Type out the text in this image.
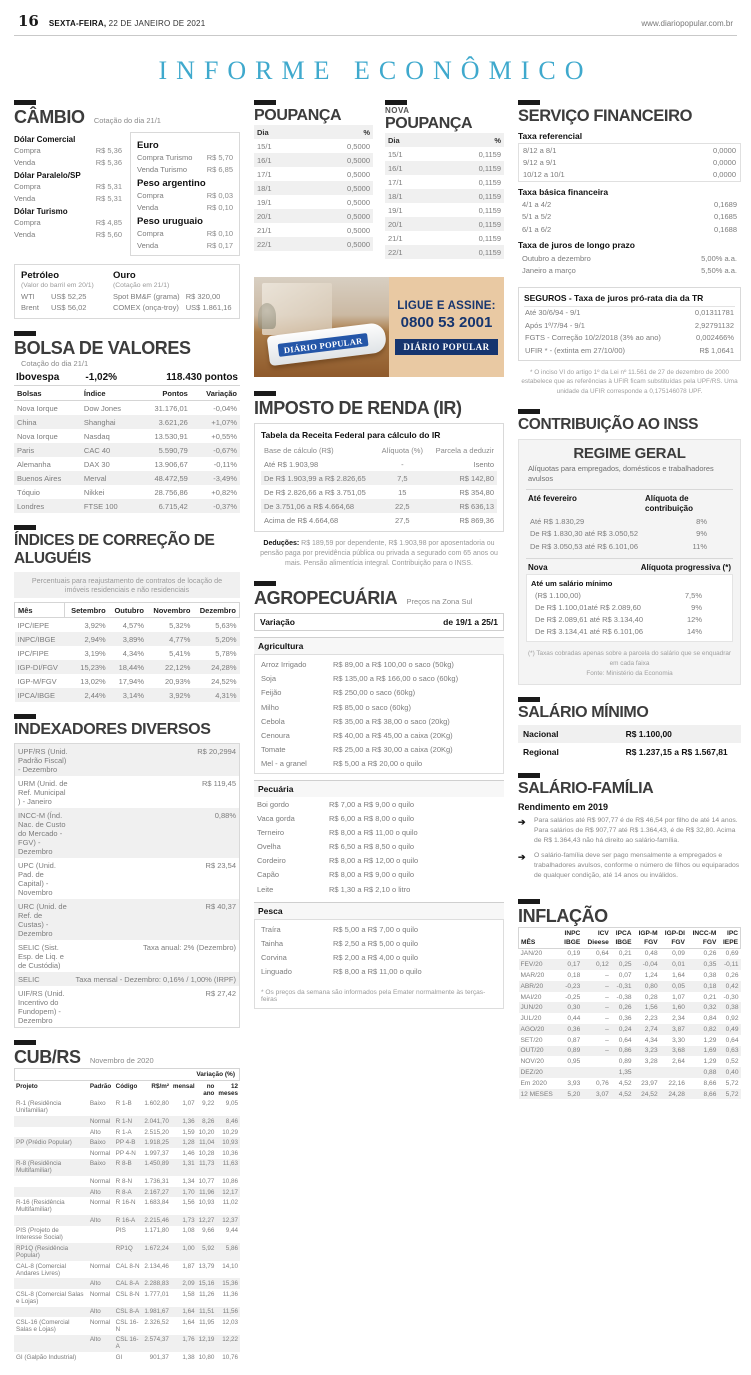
16 SEXTA-FEIRA, 22 DE JANEIRO DE 2021	www.diariopopular.com.br
INFORME ECONÔMICO
CÂMBIO Cotação do dia 21/1
Dólar Comercial
Compra	R$ 5,36
Venda	R$ 5,36
Dólar Paralelo/SP
Compra	R$ 5,31
Venda	R$ 5,31
Dólar Turismo
Compra	R$ 4,85
Venda	R$ 5,60
Euro
Compra Turismo	R$ 5,70
Venda Turismo	R$ 6,85
Peso argentino
Compra	R$ 0,03
Venda	R$ 0,10
Peso uruguaio
Compra	R$ 0,10
Venda	R$ 0,17
Petróleo
(Valor do barril em 20/1)
WTI	US$ 52,25
Brent	US$ 56,02
Ouro
(Cotação em 21/1)
Spot BM&F (grama)	R$ 320,00
COMEX (onça-troy)	US$ 1.861,16
BOLSA DE VALORES Cotação do dia 21/1
Ibovespa	-1,02%	118.430 pontos
Bolsas	Índice	Pontos	Variação
Nova Iorque	Dow Jones	31.176,01	-0,04%
China	Shanghai	3.621,26	+1,07%
Nova Iorque	Nasdaq	13.530,91	+0,55%
Paris	CAC 40	5.590,79	-0,67%
Alemanha	DAX 30	13.906,67	-0,11%
Buenos Aires	Merval	48.472,59	-3,49%
Tóquio	Nikkei	28.756,86	+0,82%
Londres	FTSE 100	6.715,42	-0,37%
ÍNDICES DE CORREÇÃO DE ALUGUÉIS
Percentuais para reajustamento de contratos de locação de imóveis residenciais e não residenciais
Mês	Setembro	Outubro	Novembro	Dezembro
IPC/IEPE	3,92%	4,57%	5,32%	5,63%
INPC/IBGE	2,94%	3,89%	4,77%	5,20%
IPC/FIPE	3,19%	4,34%	5,41%	5,78%
IGP-DI/FGV	15,23%	18,44%	22,12%	24,28%
IGP-M/FGV	13,02%	17,94%	20,93%	24,52%
IPCA/IBGE	2,44%	3,14%	3,92%	4,31%
INDEXADORES DIVERSOS
UPF/RS (Unid. Padrão Fiscal) - Dezembro	R$ 20,2994
URM (Unid. de Ref. Municipal ) - Janeiro	R$ 119,45
INCC-M (Índ. Nac. de Custo do Mercado - FGV) - Dezembro	0,88%
UPC (Unid. Pad. de Capital) - Novembro	R$ 23,54
URC (Unid. de Ref. de Custas) - Dezembro	R$ 40,37
SELIC (Sist. Esp. de Liq. e de Custódia)	Taxa anual: 2% (Dezembro)
SELIC	Taxa mensal - Dezembro: 0,16% / 1,00% (IRPF)
UIF/RS (Unid. Incentivo do Fundopem) - Dezembro	R$ 27,42
CUB/RS Novembro de 2020
Variação (%)
Projeto	Padrão	Código	R$/m²	mensal	no ano	12 meses
R-1 (Residência Unifamiliar)	Baixo	R 1-B	1.602,80	1,07	9,22	9,05
	Normal	R 1-N	2.041,70	1,36	8,26	8,46
	Alto	R 1-A	2.515,20	1,59	10,20	10,29
PP (Prédio Popular)	Baixo	PP 4-B	1.918,25	1,28	11,04	10,93
	Normal	PP 4-N	1.997,37	1,46	10,28	10,36
R-8 (Residência Multifamiliar)	Baixo	R 8-B	1.450,89	1,31	11,73	11,63
	Normal	R 8-N	1.736,31	1,34	10,77	10,86
	Alto	R 8-A	2.167,27	1,70	11,96	12,17
R-16 (Residência Multifamiliar)	Normal	R 16-N	1.683,84	1,56	10,93	11,02
	Alto	R 16-A	2.215,46	1,73	12,27	12,37
PIS (Projeto de Interesse Social)		PIS	1.171,80	1,08	9,66	9,44
RP1Q (Residência Popular)		RP1Q	1.672,24	1,00	5,92	5,86
CAL-8 (Comercial Andares Livres)	Normal	CAL 8-N	2.134,46	1,87	13,79	14,10
	Alto	CAL 8-A	2.288,83	2,09	15,16	15,36
CSL-8 (Comercial Salas e Lojas)	Normal	CSL 8-N	1.777,01	1,58	11,26	11,36
	Alto	CSL 8-A	1.981,67	1,64	11,51	11,56
CSL-16 (Comercial Salas e Lojas)	Normal	CSL 16-N	2.326,52	1,64	11,95	12,03
	Alto	CSL 16-A	2.574,37	1,76	12,19	12,22
GI (Galpão Industrial)		GI	901,37	1,38	10,80	10,76
POUPANÇA
Dia	%
15/1	0,5000
16/1	0,5000
17/1	0,5000
18/1	0,5000
19/1	0,5000
20/1	0,5000
21/1	0,5000
22/1	0,5000
NOVA
POUPANÇA
Dia	%
15/1	0,1159
16/1	0,1159
17/1	0,1159
18/1	0,1159
19/1	0,1159
20/1	0,1159
21/1	0,1159
22/1	0,1159
DIÁRIO POPULAR
LIGUE E ASSINE:
0800 53 2001
DIÁRIO POPULAR
IMPOSTO DE RENDA (IR)
Tabela da Receita Federal para cálculo do IR
Base de cálculo (R$)	Alíquota (%)	Parcela a deduzir
Até R$ 1.903,98	-	Isento
De R$ 1.903,99 a R$ 2.826,65	7,5	R$ 142,80
De R$ 2.826,66 a R$ 3.751,05	15	R$ 354,80
De 3.751,06 a R$ 4.664,68	22,5	R$ 636,13
Acima de R$ 4.664,68	27,5	R$ 869,36

Deduções: R$ 189,59 por dependente, R$ 1.903,98 por aposentadoria ou pensão paga por previdência pública ou privada a segurado com 65 anos ou mais. Pensão alimentícia integral. Contribuição para o INSS.

AGROPECUÁRIA Preços na Zona Sul
Variação	de 19/1 a 25/1
Agricultura
Arroz Irrigado	R$ 89,00 a R$ 100,00 o saco (50kg)
Soja	R$ 135,00 a R$ 166,00 o saco (60kg)
Feijão	R$ 250,00 o saco (60kg)
Milho	R$ 85,00 o saco (60kg)
Cebola	R$ 35,00 a R$ 38,00 o saco (20kg)
Cenoura	R$ 40,00 a R$ 45,00 a caixa (20Kg)
Tomate	R$ 25,00 a R$ 30,00 a caixa (20Kg)
Mel - a granel	R$ 5,00 a R$ 20,00 o quilo
Pecuária
Boi gordo	R$ 7,00 a R$ 9,00 o quilo
Vaca gorda	R$ 6,00 a R$ 8,00 o quilo
Terneiro	R$ 8,00 a R$ 11,00 o quilo
Ovelha	R$ 6,50 a R$ 8,50 o quilo
Cordeiro	R$ 8,00 a R$ 12,00 o quilo
Capão	R$ 8,00 a R$ 9,00 o quilo
Leite	R$ 1,30 a R$ 2,10 o litro
Pesca
Traíra	R$ 5,00 a R$ 7,00 o quilo
Tainha	R$ 2,50 a R$ 5,00 o quilo
Corvina	R$ 2,00 a R$ 4,00 o quilo
Linguado	R$ 8,00 a R$ 11,00 o quilo
* Os preços da semana são informados pela Emater normalmente às terças-feiras
SERVIÇO FINANCEIRO
Taxa referencial
8/12 a 8/1	0,0000
9/12 a 9/1	0,0000
10/12 a 10/1	0,0000
Taxa básica financeira
4/1 a 4/2	0,1689
5/1 a 5/2	0,1685
6/1 a 6/2	0,1688
Taxa de juros de longo prazo
Outubro a dezembro	5,00% a.a.
Janeiro a março	5,50% a.a.
SEGUROS - Taxa de juros pró-rata dia da TR
Até 30/6/94 - 9/1	0,01311781
Após 1º/7/94 - 9/1	2,92791132
FGTS - Correção 10/2/2018 (3% ao ano)	0,002466%
UFIR * - (extinta em 27/10/00)	R$ 1,0641
* O inciso VI do artigo 1º da Lei nº 11.561 de 27 de dezembro de 2000 estabelece que as referências à UFIR ficam substituídas pela UPF/RS. Uma unidade da UFIR corresponde a 0,175146078 UPF.
CONTRIBUIÇÃO AO INSS
REGIME GERAL
Alíquotas para empregados, domésticos e trabalhadores avulsos
Até fevereiro	Alíquota de contribuição
Até R$ 1.830,29	8%
De R$ 1.830,30 até R$ 3.050,52	9%
De R$ 3.050,53 até R$ 6.101,06	11%
Nova	Alíquota progressiva (*)
Até um salário mínimo
(R$ 1.100,00)	7,5%
De R$ 1.100,01até R$ 2.089,60	9%
De R$ 2.089,61 até R$ 3.134,40	12%
De R$ 3.134,41 até R$ 6.101,06	14%
(*) Taxas cobradas apenas sobre a parcela do salário que se enquadrar em cada faixa
Fonte: Ministério da Economia
SALÁRIO MÍNIMO
Nacional	R$ 1.100,00
Regional	R$ 1.237,15 a R$ 1.567,81
SALÁRIO-FAMÍLIA
Rendimento em 2019
➔ Para salários até R$ 907,77 é de R$ 46,54 por filho de até 14 anos. Para salários de R$ 907,77 até R$ 1.364,43, é de R$ 32,80. Acima de R$ 1.364,43 não há direito ao salário-família.
➔ O salário-família deve ser pago mensalmente a empregados e trabalhadores avulsos, conforme o número de filhos ou equiparados de qualquer condição, até 14 anos ou inválidos.
INFLAÇÃO
	INPC	ICV	IPCA	IGP-M	IGP-DI	INCC-M	IPC
MÊS	IBGE	Dieese	IBGE	FGV	FGV	FGV	IEPE
JAN/20	0,19	0,64	0,21	0,48	0,09	0,26	0,69
FEV/20	0,17	0,12	0,25	-0,04	0,01	0,35	-0,11
MAR/20	0,18	–	0,07	1,24	1,64	0,38	0,26
ABR/20	-0,23	–	-0,31	0,80	0,05	0,18	0,42
MAI/20	-0,25	–	-0,38	0,28	1,07	0,21	-0,30
JUN/20	0,30	–	0,26	1,56	1,60	0,32	0,38
JUL/20	0,44	–	0,36	2,23	2,34	0,84	0,92
AGO/20	0,36	–	0,24	2,74	3,87	0,82	0,49
SET/20	0,87	–	0,64	4,34	3,30	1,29	0,64
OUT/20	0,89	–	0,86	3,23	3,68	1,69	0,63
NOV/20	0,95		0,89	3,28	2,64	1,29	0,52
DEZ/20			1,35			0,88	0,40
Em 2020	3,93	0,76	4,52	23,97	22,16	8,66	5,72
12 MESES	5,20	3,07	4,52	24,52	24,28	8,66	5,72
